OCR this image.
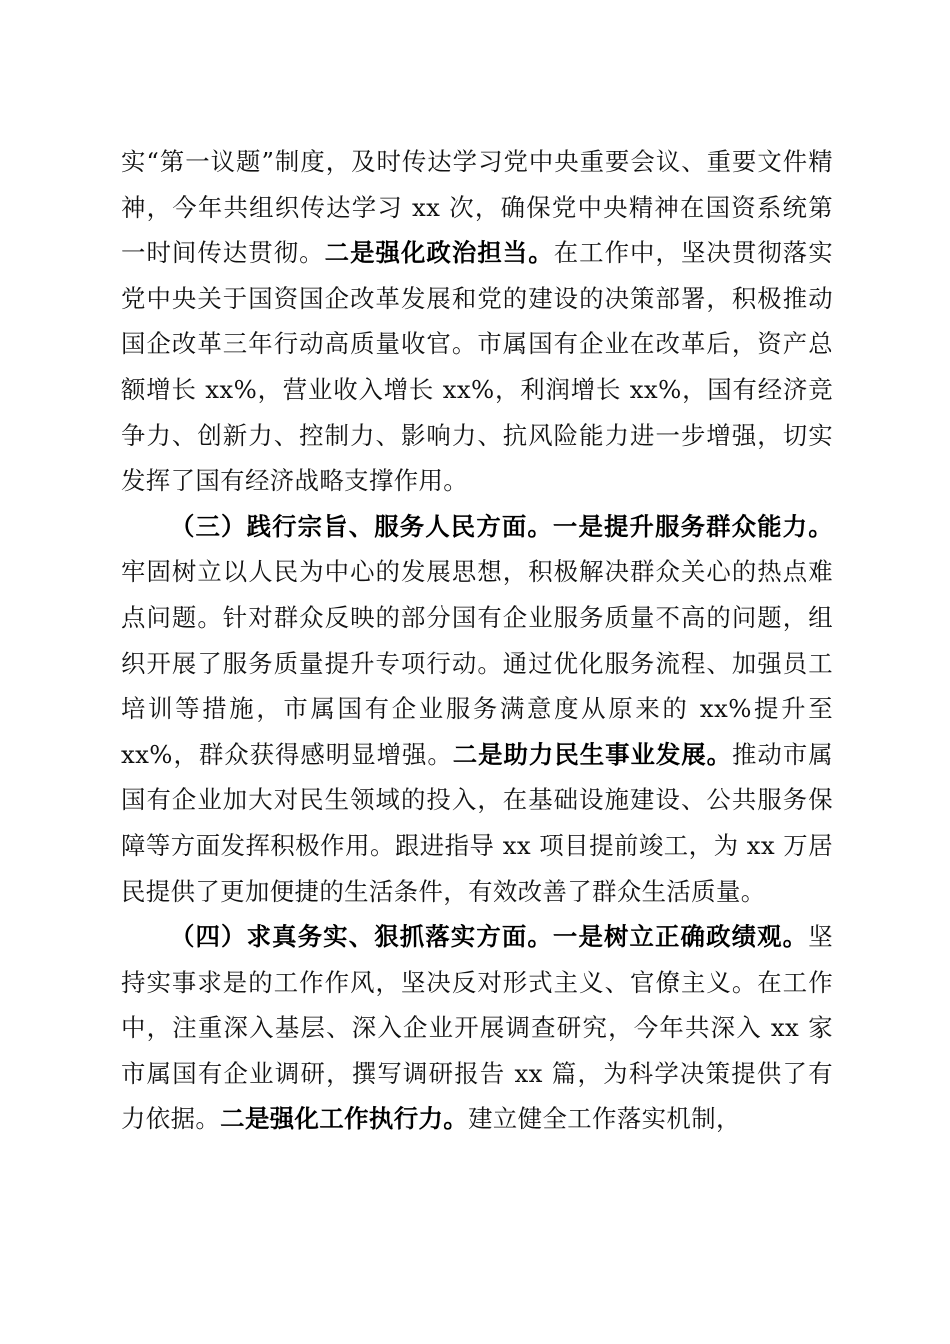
实“第一议题”制度，及时传达学习党中央重要会议、重要文件精神，今年共组织传达学习 xx 次，确保党中央精神在国资系统第一时间传达贯彻。二是强化政治担当。在工作中，坚决贯彻落实党中央关于国资国企改革发展和党的建设的决策部署，积极推动国企改革三年行动高质量收官。市属国有企业在改革后，资产总额增长 xx%，营业收入增长 xx%，利润增长 xx%，国有经济竞争力、创新力、控制力、影响力、抗风险能力进一步增强，切实发挥了国有经济战略支撑作用。

（三）践行宗旨、服务人民方面。一是提升服务群众能力。牢固树立以人民为中心的发展思想，积极解决群众关心的热点难点问题。针对群众反映的部分国有企业服务质量不高的问题，组织开展了服务质量提升专项行动。通过优化服务流程、加强员工培训等措施，市属国有企业服务满意度从原来的 xx%提升至 xx%，群众获得感明显增强。二是助力民生事业发展。推动市属国有企业加大对民生领域的投入，在基础设施建设、公共服务保障等方面发挥积极作用。跟进指导 xx 项目提前竣工，为 xx 万居民提供了更加便捷的生活条件，有效改善了群众生活质量。

（四）求真务实、狠抓落实方面。一是树立正确政绩观。坚持实事求是的工作作风，坚决反对形式主义、官僚主义。在工作中，注重深入基层、深入企业开展调查研究，今年共深入 xx 家市属国有企业调研，撰写调研报告 xx 篇，为科学决策提供了有力依据。二是强化工作执行力。建立健全工作落实机制，
